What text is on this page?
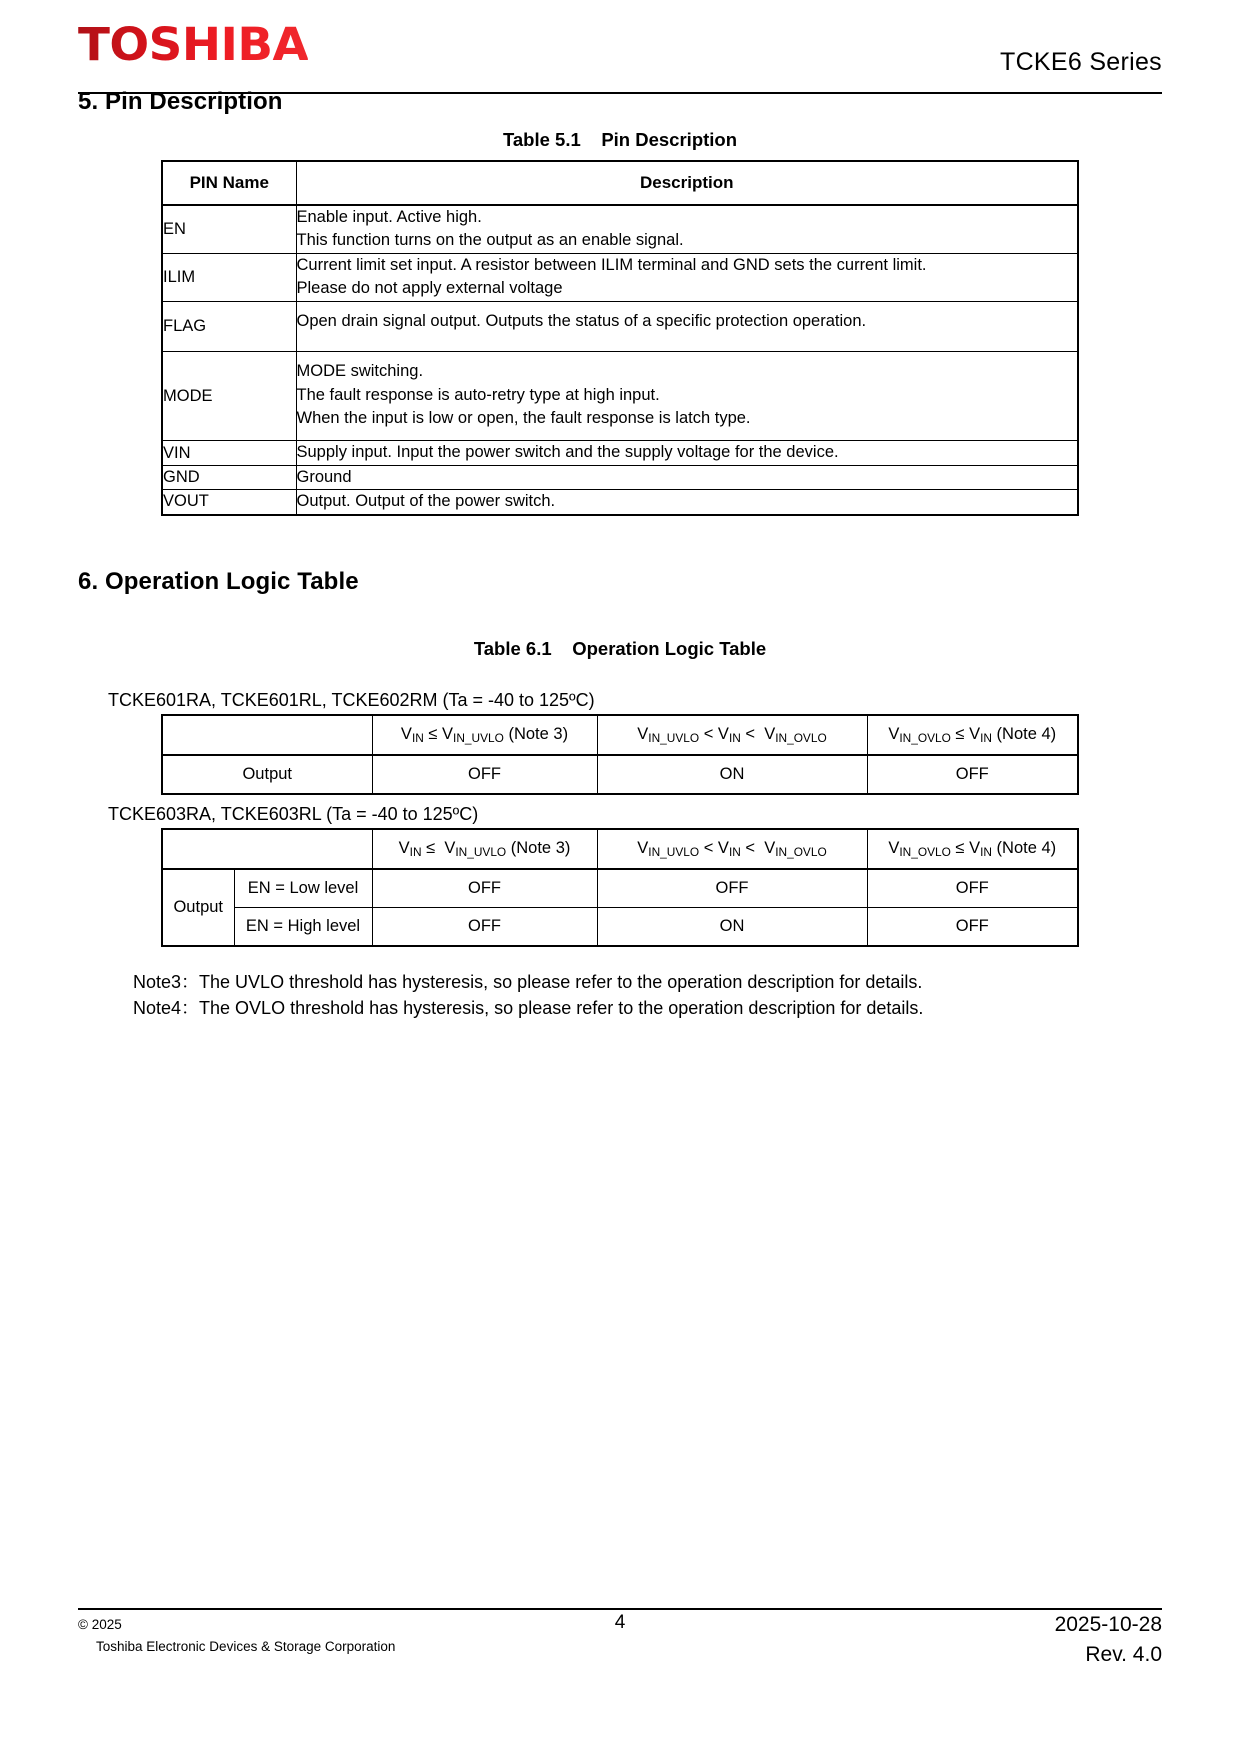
TOSHIBA	TCKE6 Series
5. Pin Description

Table 5.1 Pin Description

PIN Name	Description
EN	Enable input. Active high.
This function turns on the output as an enable signal.

ILIM	Current limit set input. A resistor between ILIM terminal and GND sets the current limit.
Please do not apply external voltage

FLAG	Open drain signal output. Outputs the status of a specific protection operation.

MODE	MODE switching.
The fault response is auto-retry type at high input.
When the input is low or open, the fault response is latch type.

VIN	Supply input. Input the power switch and the supply voltage for the device.

GND	Ground

VOUT	Output. Output of the power switch.
6. Operation Logic Table

Table 6.1 Operation Logic Table

TCKE601RA, TCKE601RL, TCKE602RM (Ta = -40 to 125ºC)
	$V_{IN} \le V_{IN\_UVLO}$ (Note 3)	$V_{IN\_UVLO} < V_{IN} < V_{IN\_OVLO}$	$V_{IN\_OVLO} \le V_{IN}$ (Note 4)
Output	OFF	ON	OFF
TCKE603RA, TCKE603RL (Ta = -40 to 125ºC)
		$V_{IN} \le V_{IN\_UVLO}$ (Note 3)	$V_{IN\_UVLO} < V_{IN} < V_{IN\_OVLO}$	$V_{IN\_OVLO} \le V_{IN}$ (Note 4)
Output	EN = Low level	OFF	OFF	OFF
	EN = High level	OFF	ON	OFF
Note3：The UVLO threshold has hysteresis, so please refer to the operation description for details.
Note4：The OVLO threshold has hysteresis, so please refer to the operation description for details.
© 2025
Toshiba Electronic Devices & Storage Corporation
4	2025-10-28
Rev. 4.0
